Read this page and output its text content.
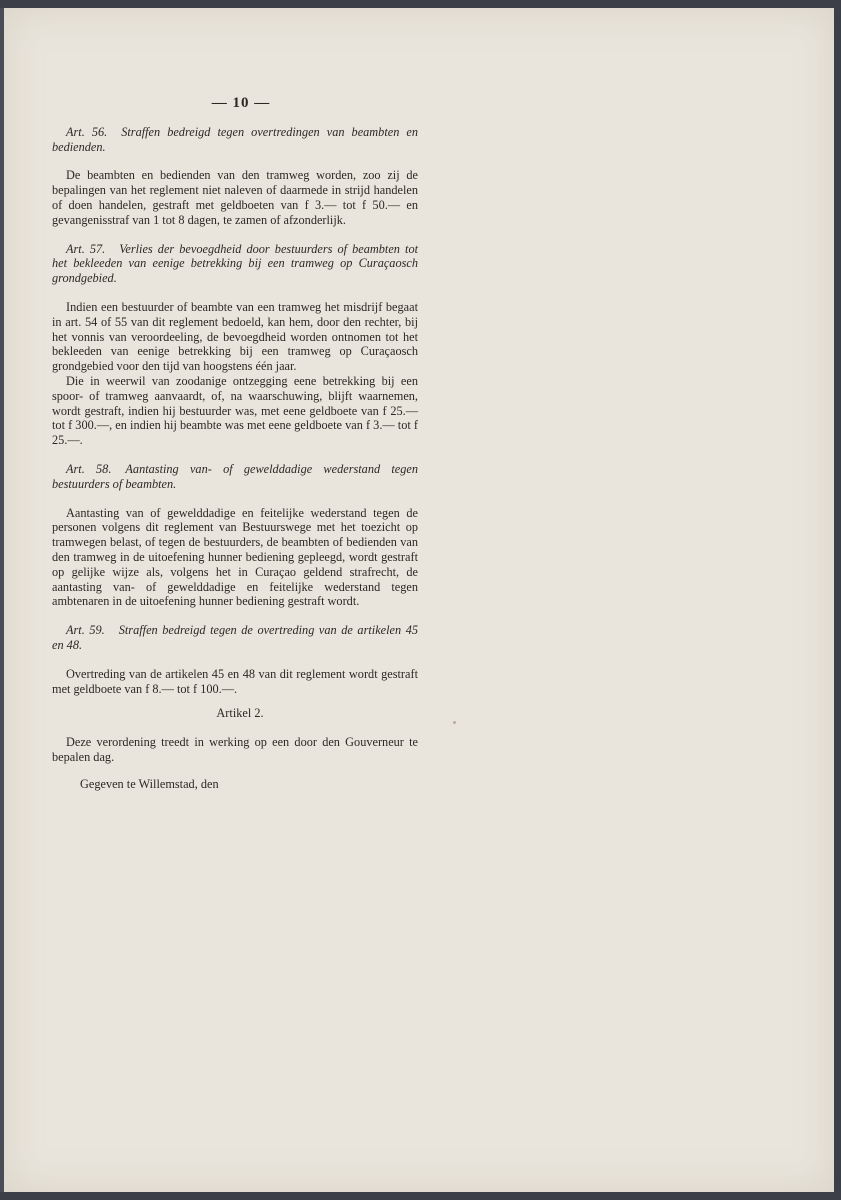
— 10 —
Art. 56. Straffen bedreigd tegen overtredingen van beambten en bedienden.

De beambten en bedienden van den tramweg worden, zoo zij de bepalingen van het reglement niet naleven of daarmede in strijd handelen of doen handelen, gestraft met geldboeten van f 3.— tot f 50.— en gevangenisstraf van 1 tot 8 dagen, te zamen of afzonderlijk.

Art. 57. Verlies der bevoegdheid door bestuurders of beambten tot het bekleeden van eenige betrekking bij een tramweg op Curaçaosch grondgebied.

Indien een bestuurder of beambte van een tramweg het misdrijf begaat in art. 54 of 55 van dit reglement bedoeld, kan hem, door den rechter, bij het vonnis van veroordeeling, de bevoegdheid worden ontnomen tot het bekleeden van eenige betrekking bij een tramweg op Curaçaosch grondgebied voor den tijd van hoogstens één jaar.

Die in weerwil van zoodanige ontzegging eene betrekking bij een spoor- of tramweg aanvaardt, of, na waarschuwing, blijft waarnemen, wordt gestraft, indien hij bestuurder was, met eene geldboete van f 25.— tot f 300.—, en indien hij beambte was met eene geldboete van f 3.— tot f 25.—.

Art. 58. Aantasting van- of gewelddadige wederstand tegen bestuurders of beambten.

Aantasting van of gewelddadige en feitelijke wederstand tegen de personen volgens dit reglement van Bestuurswege met het toezicht op tramwegen belast, of tegen de bestuurders, de beambten of bedienden van den tramweg in de uitoefening hunner bediening gepleegd, wordt gestraft op gelijke wijze als, volgens het in Curaçao geldend strafrecht, de aantasting van- of gewelddadige en feitelijke wederstand tegen ambtenaren in de uitoefening hunner bediening gestraft wordt.

Art. 59. Straffen bedreigd tegen de overtreding van de artikelen 45 en 48.

Overtreding van de artikelen 45 en 48 van dit reglement wordt gestraft met geldboete van f 8.— tot f 100.—.

Artikel 2.

Deze verordening treedt in werking op een door den Gouverneur te bepalen dag.

Gegeven te Willemstad, den
